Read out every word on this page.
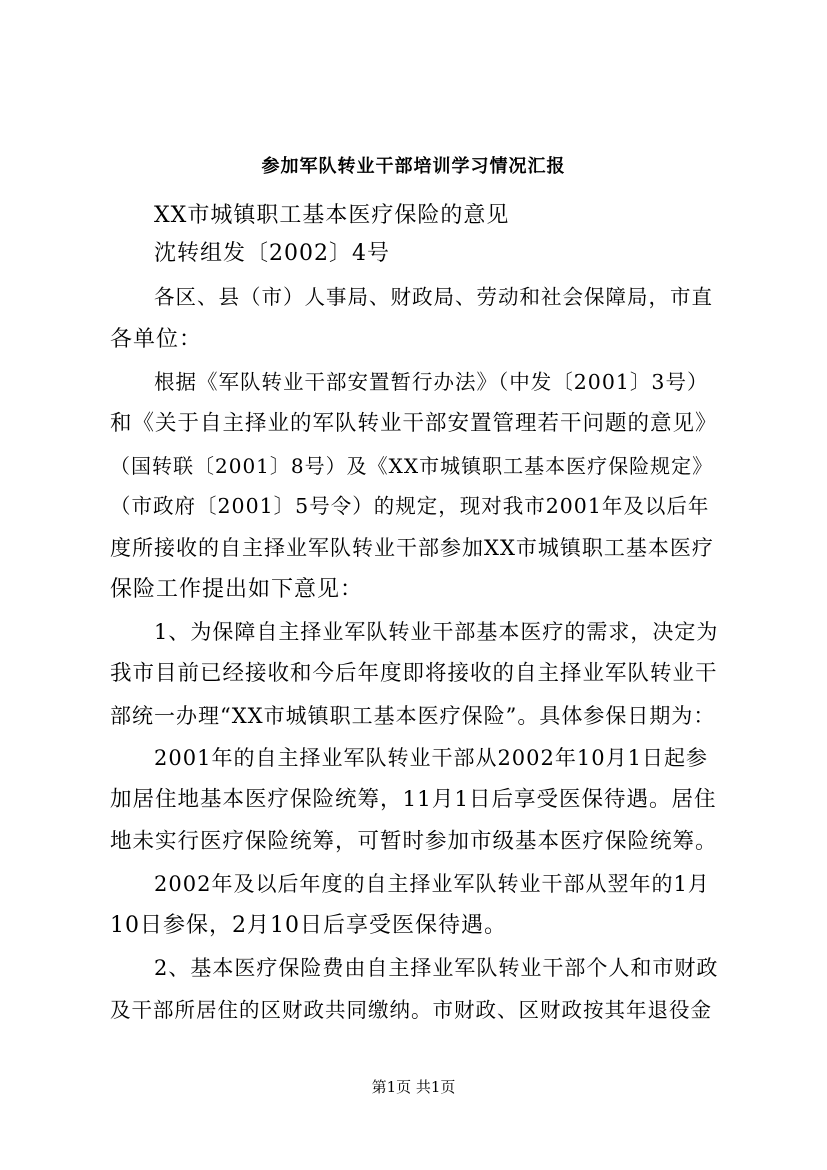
参加军队转业干部培训学习情况汇报
XX市城镇职工基本医疗保险的意见
沈转组发〔2002〕4号
各区、县（市）人事局、财政局、劳动和社会保障局，市直
各单位：
根据《军队转业干部安置暂行办法》（中发〔2001〕3号）
和《关于自主择业的军队转业干部安置管理若干问题的意见》
（国转联〔2001〕8号）及《XX市城镇职工基本医疗保险规定》
（市政府〔2001〕5号令）的规定，现对我市2001年及以后年
度所接收的自主择业军队转业干部参加XX市城镇职工基本医疗
保险工作提出如下意见：
1、为保障自主择业军队转业干部基本医疗的需求，决定为
我市目前已经接收和今后年度即将接收的自主择业军队转业干
部统一办理“XX市城镇职工基本医疗保险”。具体参保日期为：
2001年的自主择业军队转业干部从2002年10月1日起参
加居住地基本医疗保险统筹，11月1日后享受医保待遇。居住
地未实行医疗保险统筹，可暂时参加市级基本医疗保险统筹。
2002年及以后年度的自主择业军队转业干部从翌年的1月
10日参保，2月10日后享受医保待遇。
2、基本医疗保险费由自主择业军队转业干部个人和市财政
及干部所居住的区财政共同缴纳。市财政、区财政按其年退役金
第1页 共1页
